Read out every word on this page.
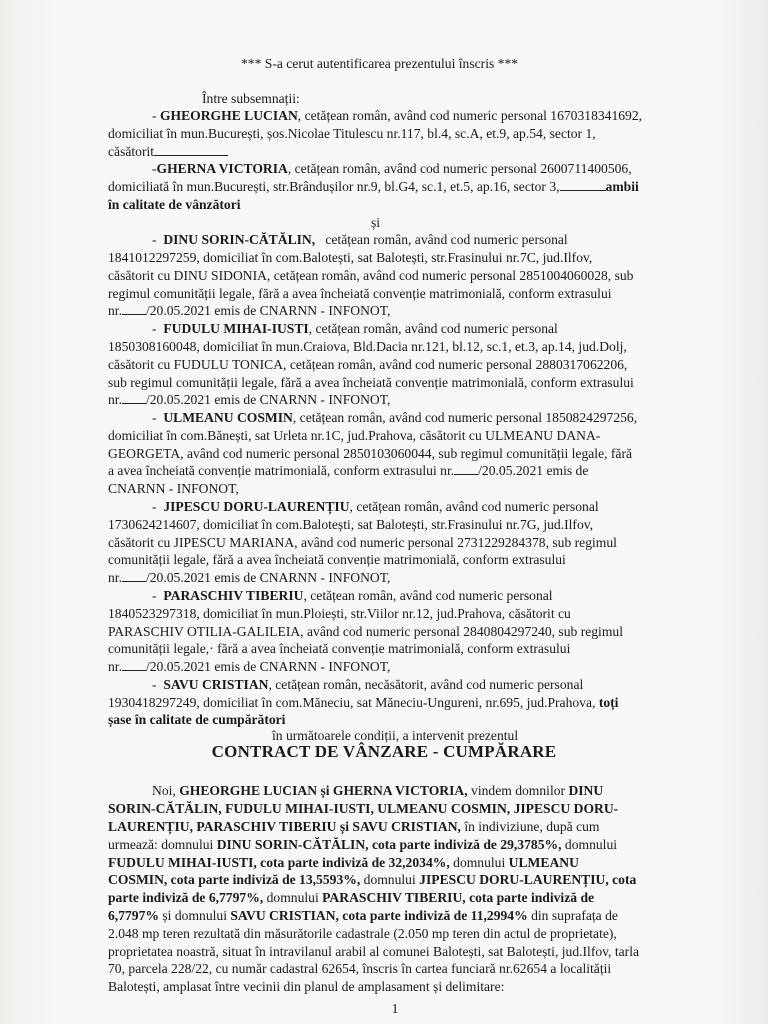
*** S-a cerut autentificarea prezentului înscris ***
Între subsemnații:
- GHEORGHE LUCIAN, cetățean român, având cod numeric personal 1670318341692,
domiciliat în mun.București, șos.Nicolae Titulescu nr.117, bl.4, sc.A, et.9, ap.54, sector 1,
căsătorit
-GHERNA VICTORIA, cetățean român, având cod numeric personal 2600711400506,
domiciliată în mun.București, str.Brândușilor nr.9, bl.G4, sc.1, et.5, ap.16, sector 3,	ambii
în calitate de vânzători
și
-  DINU SORIN-CĂTĂLIN, cetățean român, având cod numeric personal
1841012297259, domiciliat în com.Balotești, sat Balotești, str.Frasinului nr.7C, jud.Ilfov,
căsătorit cu DINU SIDONIA, cetățean român, având cod numeric personal 2851004060028, sub
regimul comunității legale, fără a avea încheiată convenție matrimonială, conform extrasului
nr. /20.05.2021 emis de CNARNN - INFONOT,
-  FUDULU MIHAI-IUSTI, cetățean român, având cod numeric personal
1850308160048, domiciliat în mun.Craiova, Bld.Dacia nr.121, bl.12, sc.1, et.3, ap.14, jud.Dolj,
căsătorit cu FUDULU TONICA, cetățean român, având cod numeric personal 2880317062206,
sub regimul comunității legale, fără a avea încheiată convenție matrimonială, conform extrasului
nr. /20.05.2021 emis de CNARNN - INFONOT,
-  ULMEANU COSMIN, cetățean român, având cod numeric personal 1850824297256,
domiciliat în com.Bănești, sat Urleta nr.1C, jud.Prahova, căsătorit cu ULMEANU DANA-
GEORGETA, având cod numeric personal 2850103060044, sub regimul comunității legale, fără
a avea încheiată convenție matrimonială, conform extrasului nr. /20.05.2021 emis de
CNARNN - INFONOT,
-  JIPESCU DORU-LAURENȚIU, cetățean român, având cod numeric personal
1730624214607, domiciliat în com.Balotești, sat Balotești, str.Frasinului nr.7G, jud.Ilfov,
căsătorit cu JIPESCU MARIANA, având cod numeric personal 2731229284378, sub regimul
comunității legale, fără a avea încheiată convenție matrimonială, conform extrasului
nr. /20.05.2021 emis de CNARNN - INFONOT,
-  PARASCHIV TIBERIU, cetățean român, având cod numeric personal
1840523297318, domiciliat în mun.Ploiești, str.Viilor nr.12, jud.Prahova, căsătorit cu
PARASCHIV OTILIA-GALILEIA, având cod numeric personal 2840804297240, sub regimul
comunității legale,· fără a avea încheiată convenție matrimonială, conform extrasului
nr. /20.05.2021 emis de CNARNN - INFONOT,
-  SAVU CRISTIAN, cetățean român, necăsătorit, având cod numeric personal
1930418297249, domiciliat în com.Măneciu, sat Măneciu-Ungureni, nr.695, jud.Prahova, toți
șase în calitate de cumpărători
în următoarele condiții, a intervenit prezentul
CONTRACT DE VÂNZARE - CUMPĂRARE
Noi, GHEORGHE LUCIAN și GHERNA VICTORIA, vindem domnilor DINU
SORIN-CĂTĂLIN, FUDULU MIHAI-IUSTI, ULMEANU COSMIN, JIPESCU DORU-
LAURENȚIU, PARASCHIV TIBERIU și SAVU CRISTIAN, în indiviziune, după cum
urmează: domnului DINU SORIN-CĂTĂLIN, cota parte indiviză de 29,3785%, domnului
FUDULU MIHAI-IUSTI, cota parte indiviză de 32,2034%, domnului ULMEANU
COSMIN, cota parte indiviză de 13,5593%, domnului JIPESCU DORU-LAURENȚIU, cota
parte indiviză de 6,7797%, domnului PARASCHIV TIBERIU, cota parte indiviză de
6,7797% și domnului SAVU CRISTIAN, cota parte indiviză de 11,2994% din suprafața de
2.048 mp teren rezultată din măsurătorile cadastrale (2.050 mp teren din actul de proprietate),
proprietatea noastră, situat în intravilanul arabil al comunei Balotești, sat Balotești, jud.Ilfov, tarla
70, parcela 228/22, cu număr cadastral 62654, înscris în cartea funciară nr.62654 a localității
Balotești, amplasat între vecinii din planul de amplasament și delimitare:
1
